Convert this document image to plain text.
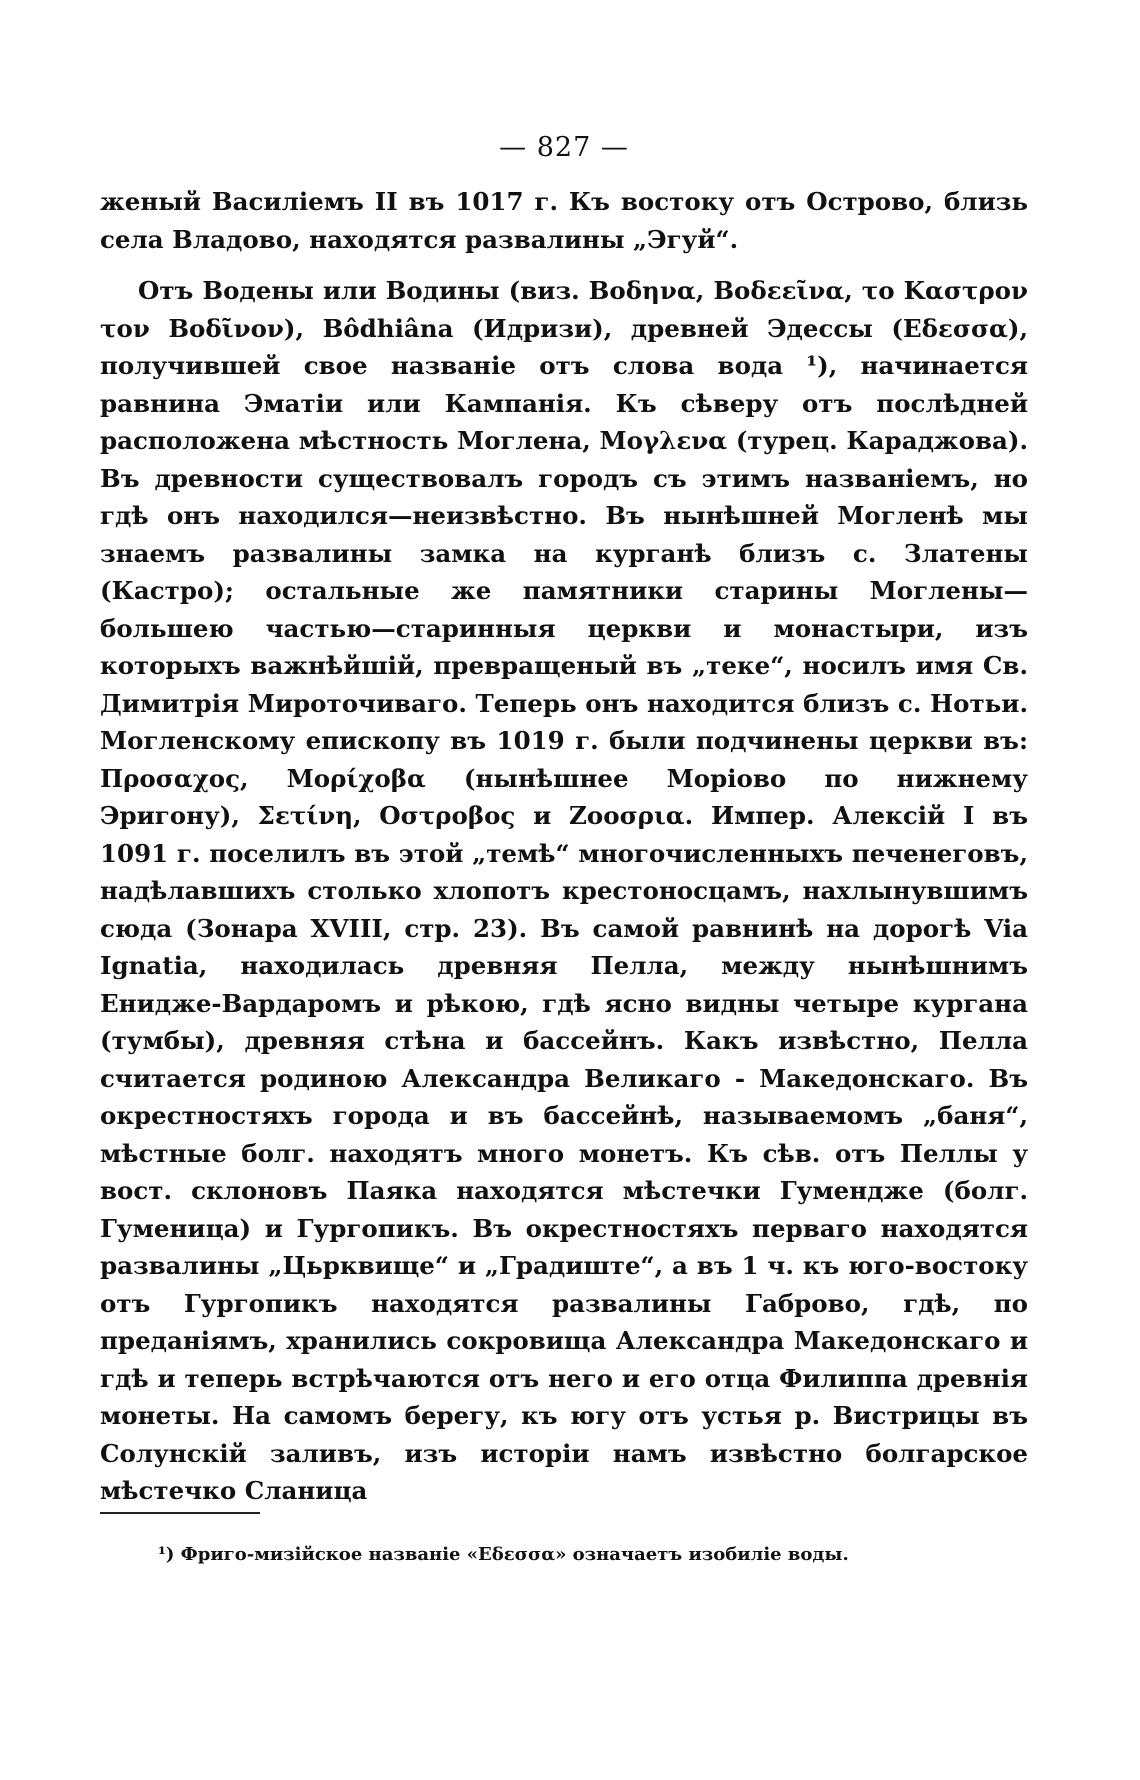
— 827 —

женый Василіемъ II въ 1017 г. Къ востоку отъ Острово, близь села Владово, находятся развалины „Эгуй“.

Отъ Водены или Водины (виз. Βοδηνα, Βοδεεῖνα, το Καστρον τον Βοδῖνον), Bôdhiâna (Идризи), древней Эдессы (Εδεσσα), получившей свое названіе отъ слова вода ¹), начинается равнина Эматіи или Кампанія. Къ сѣверу отъ послѣдней расположена мѣстность Моглена, Μογλενα (турец. Караджова). Въ древности существовалъ городъ съ этимъ названіемъ, но гдѣ онъ находился—неизвѣстно. Въ нынѣшней Могленѣ мы знаемъ развалины замка на курганѣ близъ с. Златены (Кастро); остальные же памятники старины Моглены—большею частью—старинныя церкви и монастыри, изъ которыхъ важнѣйшій, превращеный въ „теке“, носилъ имя Св. Димитрія Мироточиваго. Теперь онъ находится близъ с. Нотьи. Могленскому епископу въ 1019 г. были подчинены церкви въ: Προσαχος, Μορίχοβα (нынѣшнее Моріово по нижнему Эригону), Σετίνη, Οστροβος и Ζοοσρια. Импер. Алексій I въ 1091 г. поселилъ въ этой „темѣ“ многочисленныхъ печенеговъ, надѣлавшихъ столько хлопотъ крестоносцамъ, нахлынувшимъ сюда (Зонара XVIII, стр. 23). Въ самой равнинѣ на дорогѣ Via Ignatia, находилась древняя Пелла, между нынѣшнимъ Енидже-Вардаромъ и рѣкою, гдѣ ясно видны четыре кургана (тумбы), древняя стѣна и бассейнъ. Какъ извѣстно, Пелла считается родиною Александра Великаго - Македонскаго. Въ окрестностяхъ города и въ бассейнѣ, называемомъ „баня“, мѣстные болг. находятъ много монетъ. Къ сѣв. отъ Пеллы у вост. склоновъ Паяка находятся мѣстечки Гуменджe (болг. Гуменица) и Гургопикъ. Въ окрестностяхъ перваго находятся развалины „Цьрквище“ и „Градиште“, а въ 1 ч. къ юго-востоку отъ Гургопикъ находятся развалины Габрово, гдѣ, по преданіямъ, хранились сокровища Александра Македонскаго и гдѣ и теперь встрѣчаются отъ него и его отца Филиппа древнія монеты. На самомъ берегу, къ югу отъ устья р. Вистрицы въ Солунскій заливъ, изъ исторіи намъ извѣстно болгарское мѣстечко Сланица

¹) Фриго-мизійское названіе «Εδεσσα» означаетъ изобиліе воды.
